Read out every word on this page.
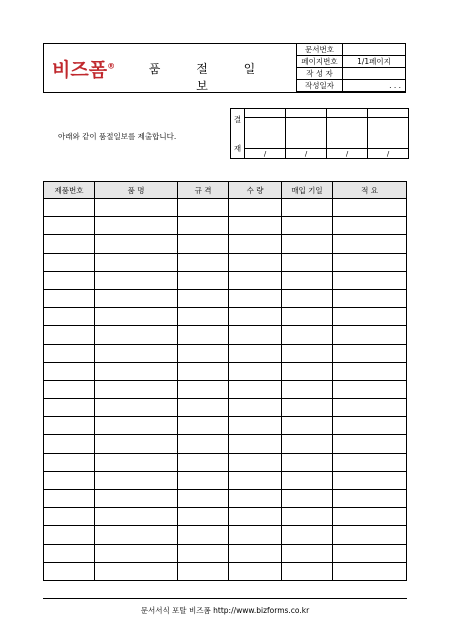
비즈폼®	품 절 일 보
문서번호	
페이지번호	1/1페이지
작 성 자	
작성일자	. . .
아래와 같이 품절일보를 제출합니다.
결

재				

	/	/	/	/
제품번호	품 명	규 격	수 량	매입 기일	적 요

문서서식 포탈 비즈폼 http://www.bizforms.co.kr
